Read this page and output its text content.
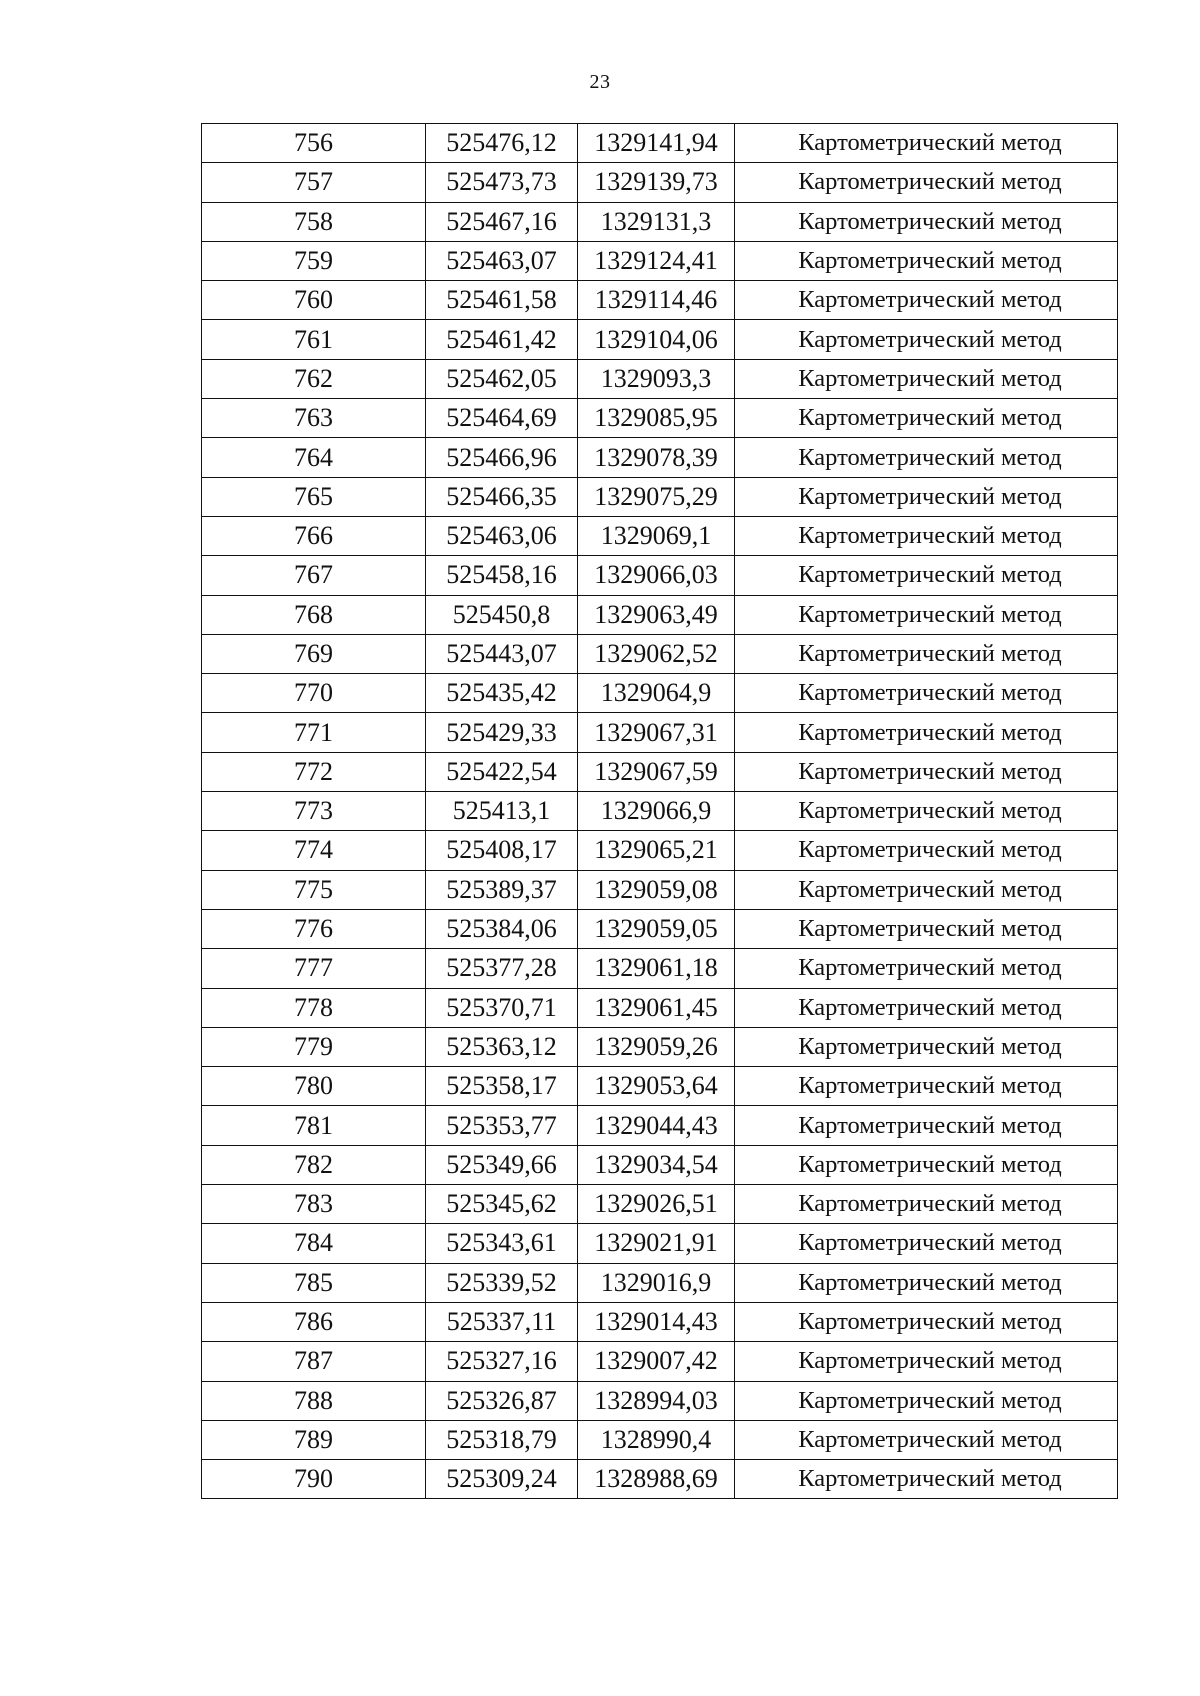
23
756	525476,12	1329141,94	Картометрический метод
757	525473,73	1329139,73	Картометрический метод
758	525467,16	1329131,3	Картометрический метод
759	525463,07	1329124,41	Картометрический метод
760	525461,58	1329114,46	Картометрический метод
761	525461,42	1329104,06	Картометрический метод
762	525462,05	1329093,3	Картометрический метод
763	525464,69	1329085,95	Картометрический метод
764	525466,96	1329078,39	Картометрический метод
765	525466,35	1329075,29	Картометрический метод
766	525463,06	1329069,1	Картометрический метод
767	525458,16	1329066,03	Картометрический метод
768	525450,8	1329063,49	Картометрический метод
769	525443,07	1329062,52	Картометрический метод
770	525435,42	1329064,9	Картометрический метод
771	525429,33	1329067,31	Картометрический метод
772	525422,54	1329067,59	Картометрический метод
773	525413,1	1329066,9	Картометрический метод
774	525408,17	1329065,21	Картометрический метод
775	525389,37	1329059,08	Картометрический метод
776	525384,06	1329059,05	Картометрический метод
777	525377,28	1329061,18	Картометрический метод
778	525370,71	1329061,45	Картометрический метод
779	525363,12	1329059,26	Картометрический метод
780	525358,17	1329053,64	Картометрический метод
781	525353,77	1329044,43	Картометрический метод
782	525349,66	1329034,54	Картометрический метод
783	525345,62	1329026,51	Картометрический метод
784	525343,61	1329021,91	Картометрический метод
785	525339,52	1329016,9	Картометрический метод
786	525337,11	1329014,43	Картометрический метод
787	525327,16	1329007,42	Картометрический метод
788	525326,87	1328994,03	Картометрический метод
789	525318,79	1328990,4	Картометрический метод
790	525309,24	1328988,69	Картометрический метод
